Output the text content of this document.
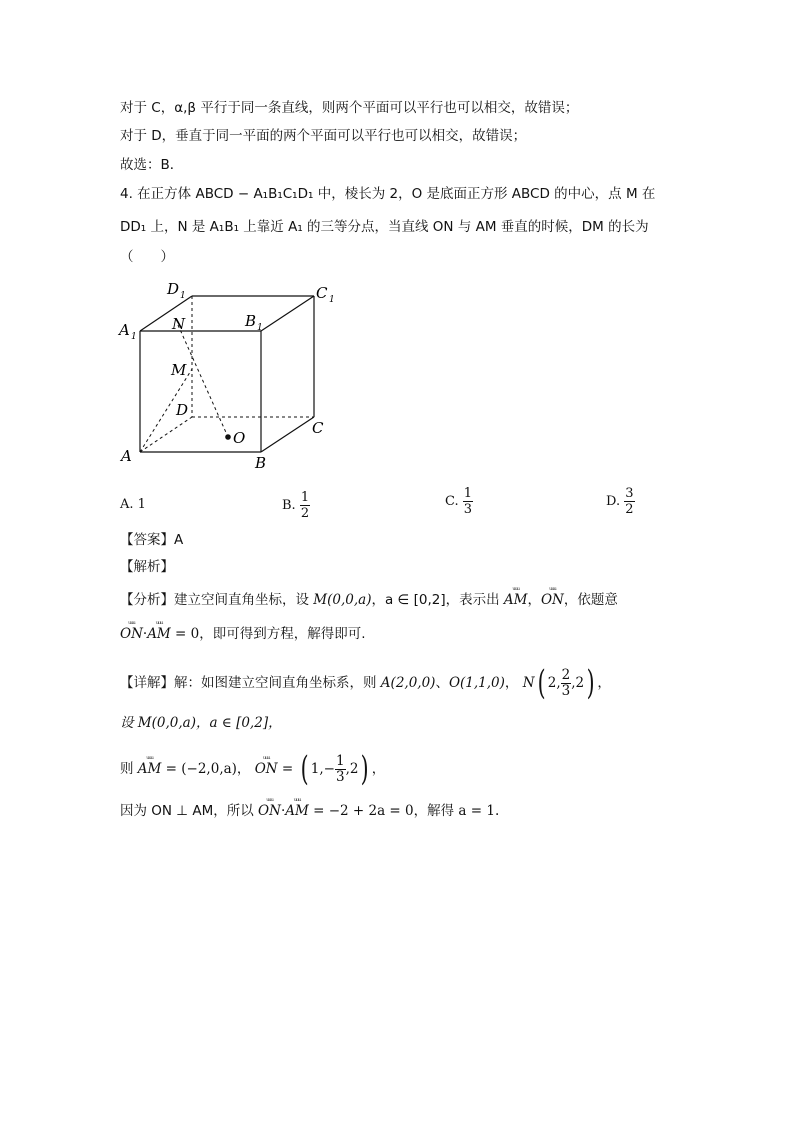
对于 C，α,β 平行于同一条直线，则两个平面可以平行也可以相交，故错误；
对于 D，垂直于同一平面的两个平面可以平行也可以相交，故错误；
故选：B．
4. 在正方体 ABCD − A₁B₁C₁D₁ 中，棱长为 2，O 是底面正方形 ABCD 的中心，点 M 在
DD₁ 上，N 是 A₁B₁ 上靠近 A₁ 的三等分点，当直线 ON 与 AM 垂直的时候，DM 的长为
（　　）
D 1	C 1
A 1
B 1
N
M
D
C
A	B
O
A. 1	B. $\frac{1}{2}$	C. $\frac{1}{3}$	D. $\frac{3}{2}$
【答案】A
【解析】
【分析】建立空间直角坐标，设 M(0,0,a)，a ∈ [0,2]，表示出 ᵤᵤᵤ AM，ᵤᵤᵤ ON，依题意
ᵤᵤᵤ ON·ᵤᵤᵤ AM = 0，即可得到方程，解得即可.
【详解】解：如图建立空间直角坐标系，则 A(2,0,0)、O(1,1,0)， N( 2, $\frac{2}{3} ,2$) ，
设 M(0,0,a)，a ∈ [0,2]，
则 ᵤᵤᵤ AM = (−2,0,a)， ᵤᵤᵤ ON = ( $1,- \frac{1}{3} ,2$) ，
因为 ON ⊥ AM，所以 ᵤᵤᵤ ON·ᵤᵤᵤ AM = −2 + 2a = 0，解得 a = 1.
